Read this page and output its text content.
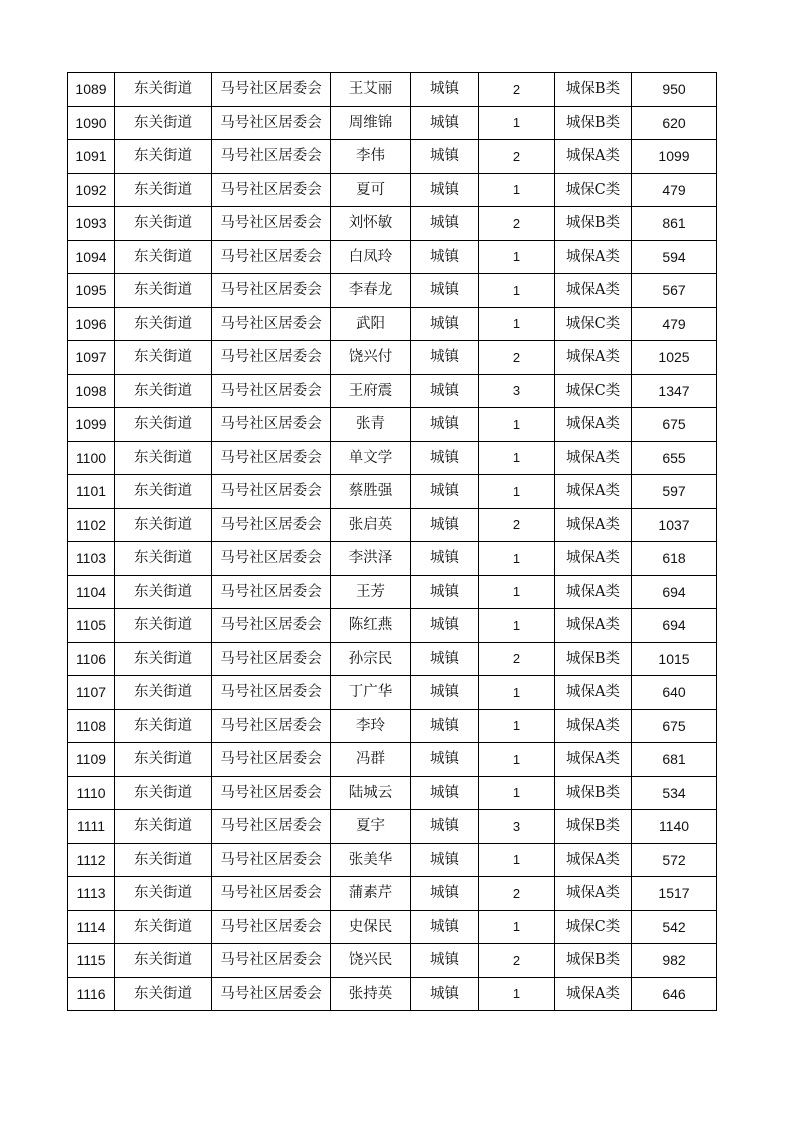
1089	东关街道	马号社区居委会	王艾丽	城镇	2	城保B类	950
1090	东关街道	马号社区居委会	周维锦	城镇	1	城保B类	620
1091	东关街道	马号社区居委会	李伟	城镇	2	城保A类	1099
1092	东关街道	马号社区居委会	夏可	城镇	1	城保C类	479
1093	东关街道	马号社区居委会	刘怀敏	城镇	2	城保B类	861
1094	东关街道	马号社区居委会	白凤玲	城镇	1	城保A类	594
1095	东关街道	马号社区居委会	李春龙	城镇	1	城保A类	567
1096	东关街道	马号社区居委会	武阳	城镇	1	城保C类	479
1097	东关街道	马号社区居委会	饶兴付	城镇	2	城保A类	1025
1098	东关街道	马号社区居委会	王府震	城镇	3	城保C类	1347
1099	东关街道	马号社区居委会	张青	城镇	1	城保A类	675
1100	东关街道	马号社区居委会	单文学	城镇	1	城保A类	655
1101	东关街道	马号社区居委会	蔡胜强	城镇	1	城保A类	597
1102	东关街道	马号社区居委会	张启英	城镇	2	城保A类	1037
1103	东关街道	马号社区居委会	李洪泽	城镇	1	城保A类	618
1104	东关街道	马号社区居委会	王芳	城镇	1	城保A类	694
1105	东关街道	马号社区居委会	陈红燕	城镇	1	城保A类	694
1106	东关街道	马号社区居委会	孙宗民	城镇	2	城保B类	1015
1107	东关街道	马号社区居委会	丁广华	城镇	1	城保A类	640
1108	东关街道	马号社区居委会	李玲	城镇	1	城保A类	675
1109	东关街道	马号社区居委会	冯群	城镇	1	城保A类	681
1110	东关街道	马号社区居委会	陆城云	城镇	1	城保B类	534
1111	东关街道	马号社区居委会	夏宇	城镇	3	城保B类	1140
1112	东关街道	马号社区居委会	张美华	城镇	1	城保A类	572
1113	东关街道	马号社区居委会	蒲素芹	城镇	2	城保A类	1517
1114	东关街道	马号社区居委会	史保民	城镇	1	城保C类	542
1115	东关街道	马号社区居委会	饶兴民	城镇	2	城保B类	982
1116	东关街道	马号社区居委会	张持英	城镇	1	城保A类	646
